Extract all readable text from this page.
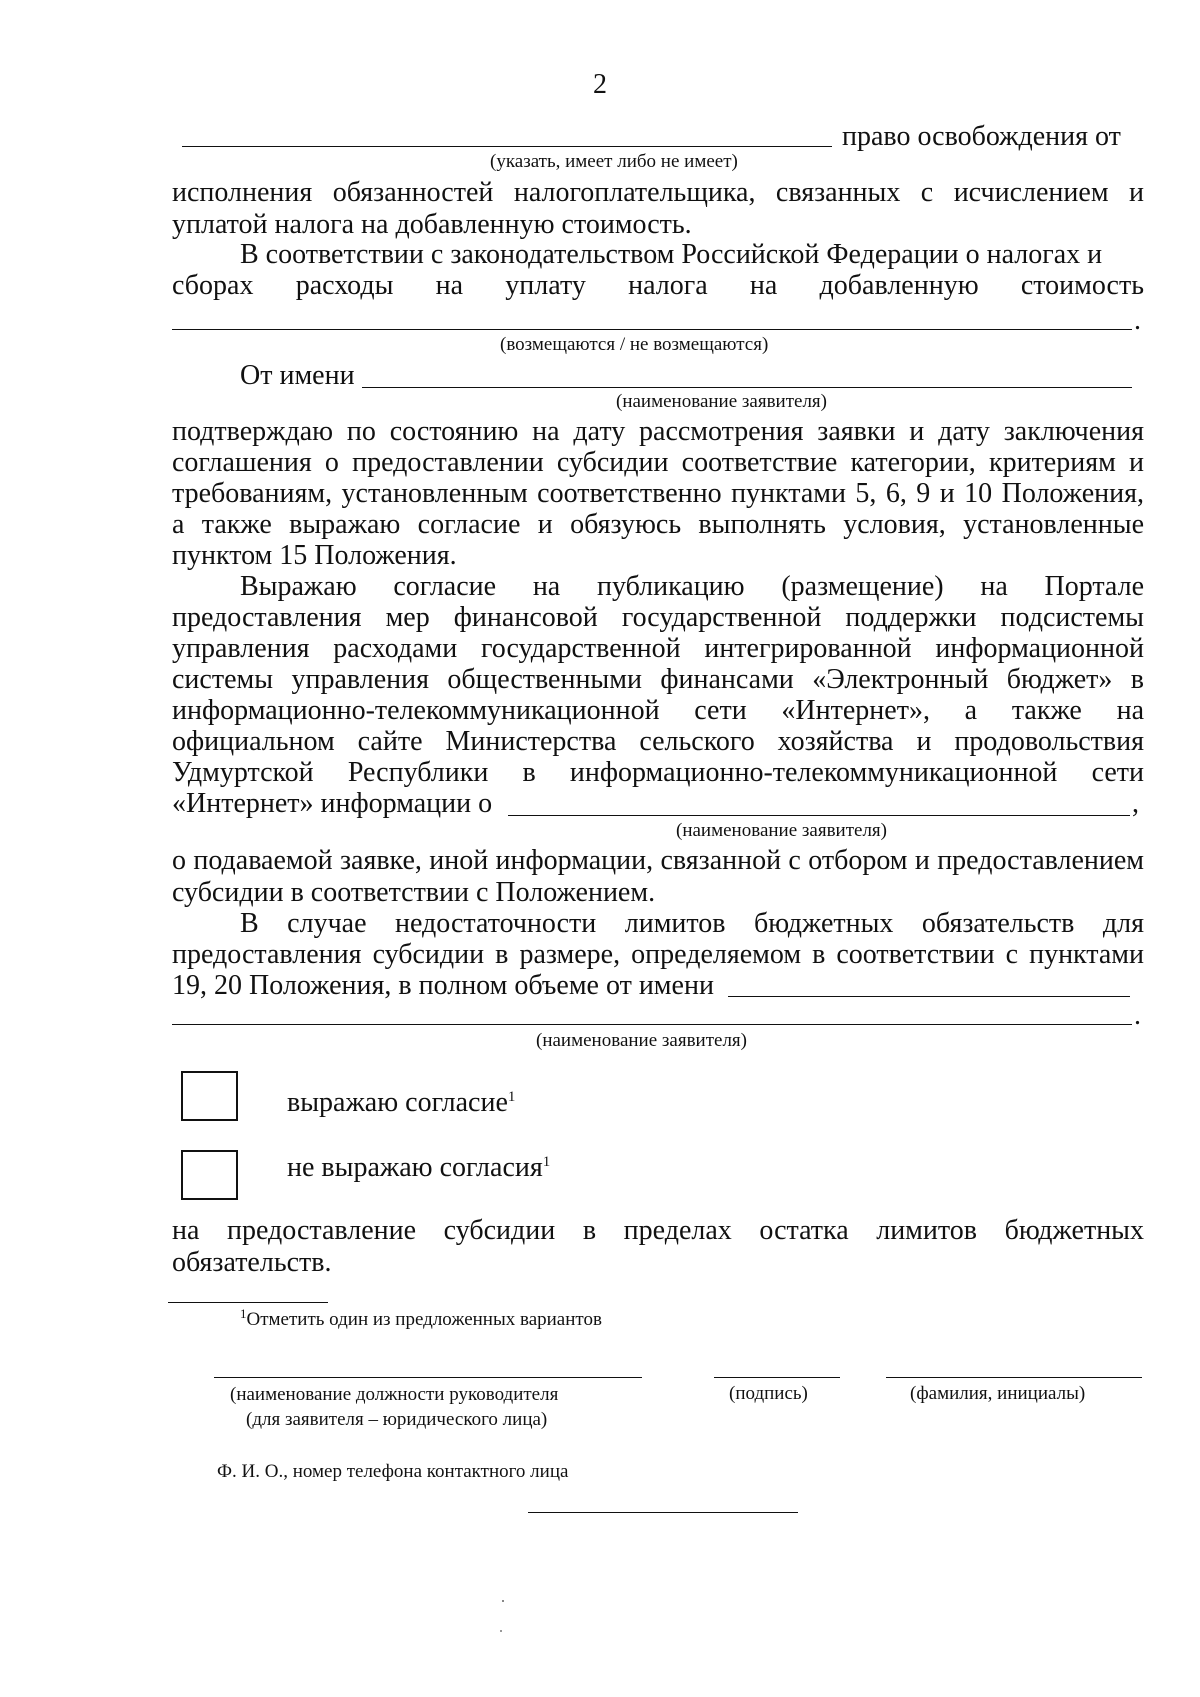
2
право освобождения от
(указать, имеет либо не имеет)
исполнения обязанностей налогоплательщика, связанных с исчислением и
уплатой налога на добавленную стоимость.
В соответствии с законодательством Российской Федерации о налогах и
сборах расходы на уплату налога на добавленную стоимость
.
(возмещаются / не возмещаются)
От имени
(наименование заявителя)
подтверждаю по состоянию на дату рассмотрения заявки и дату заключения
соглашения о предоставлении субсидии соответствие категории, критериям и
требованиям, установленным соответственно пунктами 5, 6, 9 и 10 Положения,
а также выражаю согласие и обязуюсь выполнять условия, установленные
пунктом 15 Положения.
Выражаю согласие на публикацию (размещение) на Портале
предоставления мер финансовой государственной поддержки подсистемы
управления расходами государственной интегрированной информационной
системы управления общественными финансами «Электронный бюджет» в
информационно-телекоммуникационной сети «Интернет», а также на
официальном сайте Министерства сельского хозяйства и продовольствия
Удмуртской Республики в информационно-телекоммуникационной сети
«Интернет» информации о	,
(наименование заявителя)
о подаваемой заявке, иной информации, связанной с отбором и предоставлением
субсидии в соответствии с Положением.
В случае недостаточности лимитов бюджетных обязательств для
предоставления субсидии в размере, определяемом в соответствии с пунктами
19, 20 Положения, в полном объеме от имени
.
(наименование заявителя)
выражаю согласие$^1$
не выражаю согласия$^1$
на предоставление субсидии в пределах остатка лимитов бюджетных
обязательств.
$^1$Отметить один из предложенных вариантов
(наименование должности руководителя
(для заявителя – юридического лица)
(подпись)	(фамилия, инициалы)
Ф. И. О., номер телефона контактного лица
